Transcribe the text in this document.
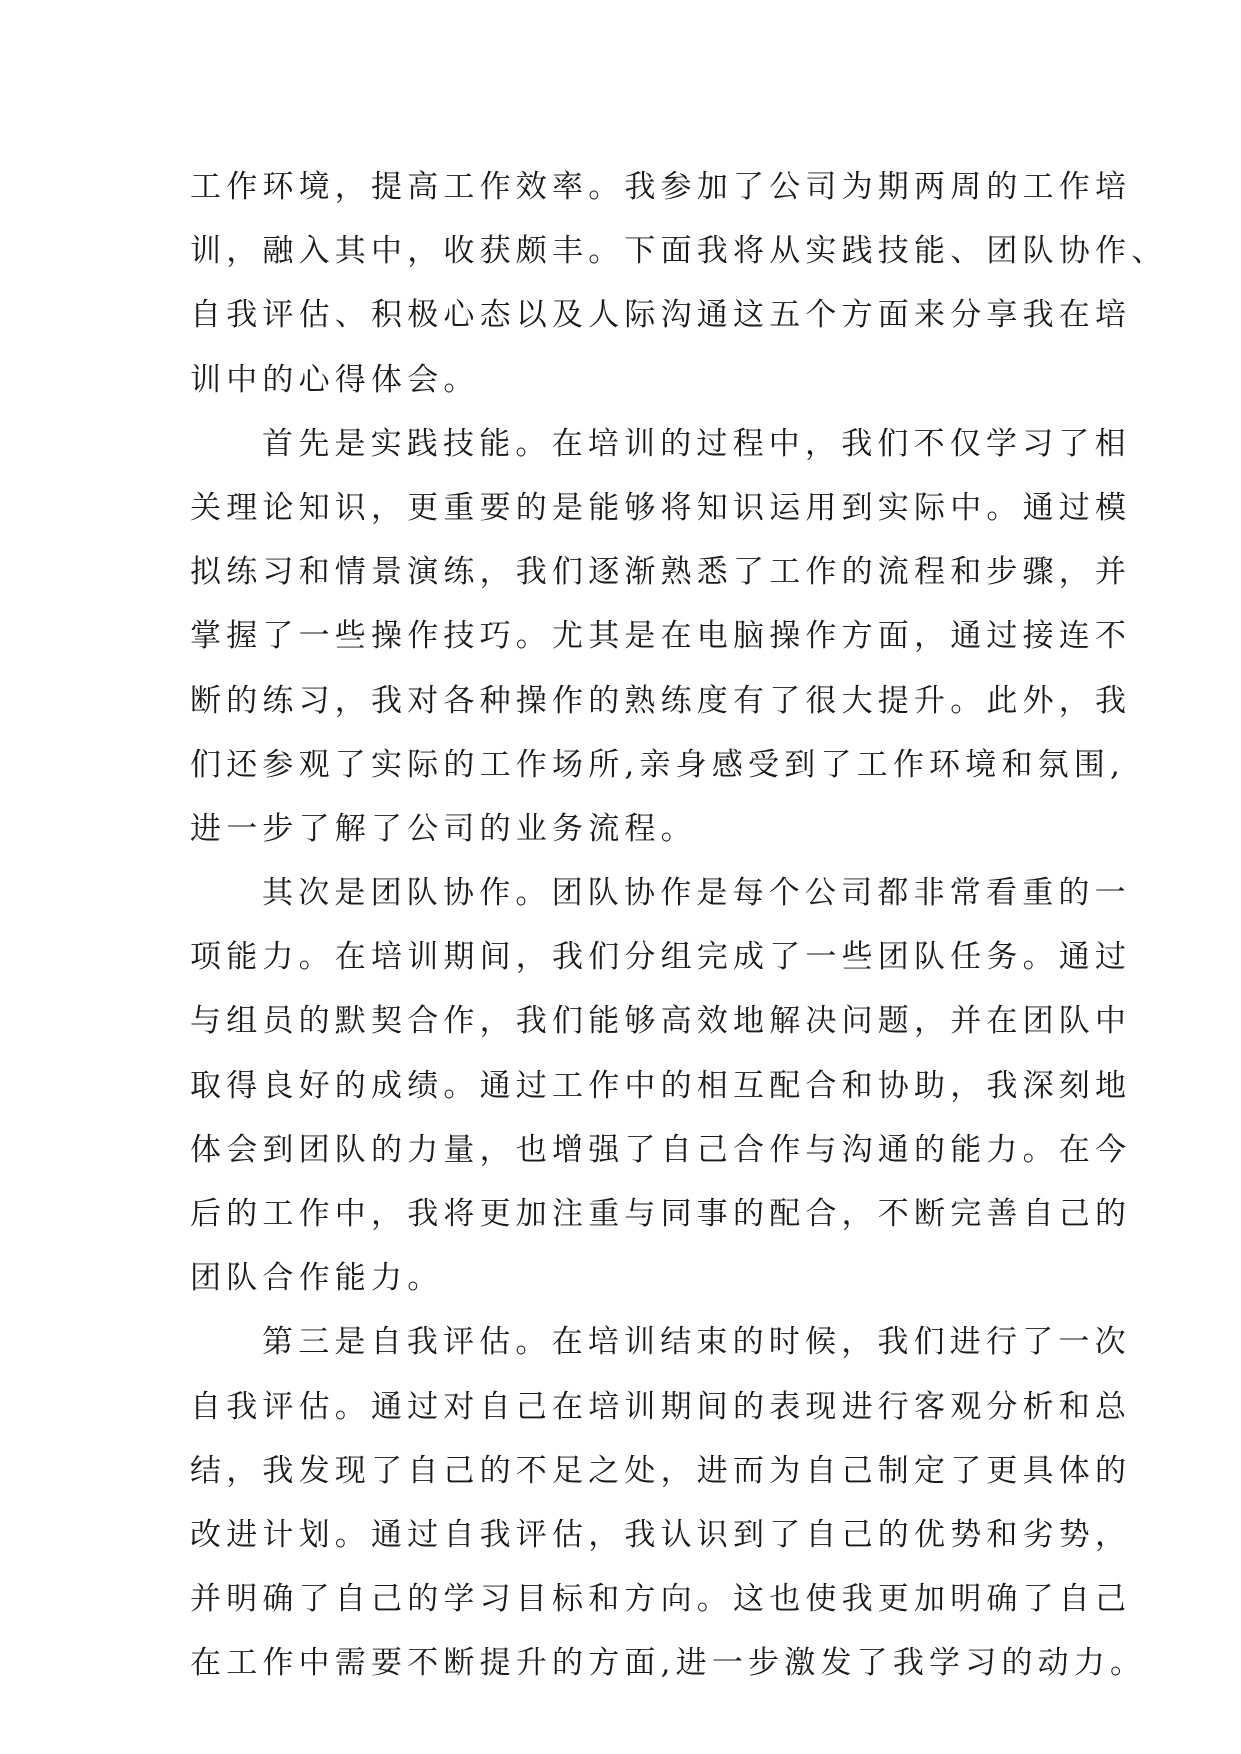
工作环境，提高工作效率。我参加了公司为期两周的工作培
训，融入其中，收获颇丰。下面我将从实践技能、团队协作、
自我评估、积极心态以及人际沟通这五个方面来分享我在培
训中的心得体会。
首先是实践技能。在培训的过程中，我们不仅学习了相
关理论知识，更重要的是能够将知识运用到实际中。通过模
拟练习和情景演练，我们逐渐熟悉了工作的流程和步骤，并
掌握了一些操作技巧。尤其是在电脑操作方面，通过接连不
断的练习，我对各种操作的熟练度有了很大提升。此外，我
们还参观了实际的工作场所,亲身感受到了工作环境和氛围,
进一步了解了公司的业务流程。
其次是团队协作。团队协作是每个公司都非常看重的一
项能力。在培训期间，我们分组完成了一些团队任务。通过
与组员的默契合作，我们能够高效地解决问题，并在团队中
取得良好的成绩。通过工作中的相互配合和协助，我深刻地
体会到团队的力量，也增强了自己合作与沟通的能力。在今
后的工作中，我将更加注重与同事的配合，不断完善自己的
团队合作能力。
第三是自我评估。在培训结束的时候，我们进行了一次
自我评估。通过对自己在培训期间的表现进行客观分析和总
结，我发现了自己的不足之处，进而为自己制定了更具体的
改进计划。通过自我评估，我认识到了自己的优势和劣势，
并明确了自己的学习目标和方向。这也使我更加明确了自己
在工作中需要不断提升的方面,进一步激发了我学习的动力。
